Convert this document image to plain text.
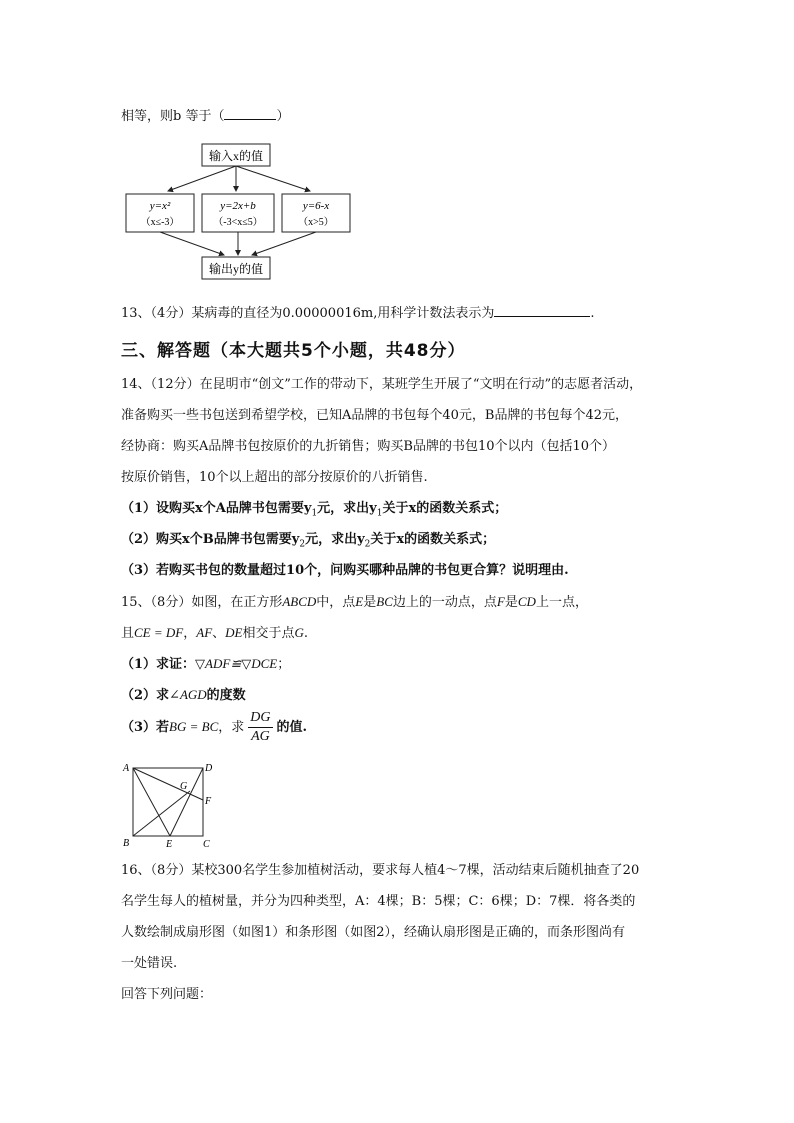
相等，则b 等于（	）
输入x的值
y=x²
（x≤-3）
y=2x+b
（-3<x≤5）
y=6-x
（x>5）
输出y的值
13、（4分）某病毒的直径为0.00000016m,用科学计数法表示为	.
三、解答题（本大题共5个小题，共48分）
14、（12分）在昆明市“创文”工作的带动下，某班学生开展了“文明在行动”的志愿者活动，
准备购买一些书包送到希望学校，已知A品牌的书包每个40元，B品牌的书包每个42元，
经协商：购买A品牌书包按原价的九折销售；购买B品牌的书包10个以内（包括10个）
按原价销售，10个以上超出的部分按原价的八折销售.
（1）设购买x个A品牌书包需要$y_1$元，求出$y_1$关于x的函数关系式；
（2）购买x个B品牌书包需要$y_2$元，求出$y_2$关于x的函数关系式；
（3）若购买书包的数量超过10个，问购买哪种品牌的书包更合算？说明理由.
15、（8分）如图，在正方形ABCD中，点E是BC边上的一动点，点F是CD上一点，
且CE = DF，AF、DE相交于点G.
（1）求证：▽ADF≌▽DCE；
（2）求∠AGD的度数
（3）若BG = BC，求 $\frac{DG}{AG}$ 的值.
A	D
G
F
B	E	C
16、（8分）某校300名学生参加植树活动，要求每人植4～7棵，活动结束后随机抽查了20
名学生每人的植树量，并分为四种类型，A：4棵；B：5棵；C：6棵；D：7棵．将各类的
人数绘制成扇形图（如图1）和条形图（如图2），经确认扇形图是正确的，而条形图尚有
一处错误.
回答下列问题：
